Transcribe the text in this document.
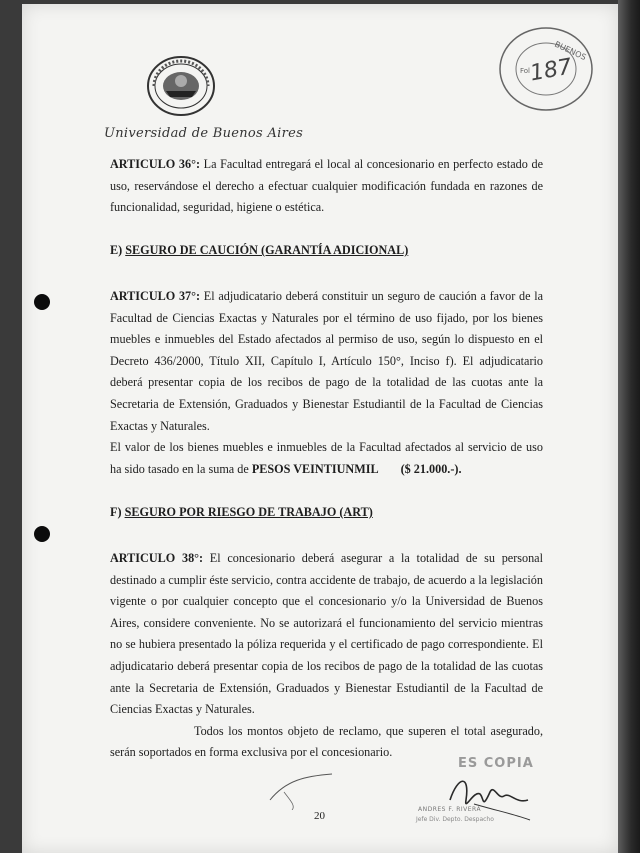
Universidad de Buenos Aires
BUENOS
Fol
187
ARTICULO 36°: La Facultad entregará el local al concesionario en perfecto estado de uso, reservándose el derecho a efectuar cualquier modificación fundada en razones de funcionalidad, seguridad, higiene o estética.
E) SEGURO DE CAUCIÓN (GARANTÍA ADICIONAL)
ARTICULO 37°: El adjudicatario deberá constituir un seguro de caución a favor de la Facultad de Ciencias Exactas y Naturales por el término de uso fijado, por los bienes muebles e inmuebles del Estado afectados al permiso de uso, según lo dispuesto en el Decreto 436/2000, Título XII, Capítulo I, Artículo 150°, Inciso f). El adjudicatario deberá presentar copia de los recibos de pago de la totalidad de las cuotas ante la Secretaria de Extensión, Graduados y Bienestar Estudiantil de la Facultad de Ciencias Exactas y Naturales.
El valor de los bienes muebles e inmuebles de la Facultad afectados al servicio de uso ha sido tasado en la suma de PESOS VEINTIUNMIL ($ 21.000.-).
F) SEGURO POR RIESGO DE TRABAJO (ART)
ARTICULO 38°: El concesionario deberá asegurar a la totalidad de su personal destinado a cumplir éste servicio, contra accidente de trabajo, de acuerdo a la legislación vigente o por cualquier concepto que el concesionario y/o la Universidad de Buenos Aires, considere conveniente. No se autorizará el funcionamiento del servicio mientras no se hubiera presentado la póliza requerida y el certificado de pago correspondiente. El adjudicatario deberá presentar copia de los recibos de pago de la totalidad de las cuotas ante la Secretaria de Extensión, Graduados y Bienestar Estudiantil de la Facultad de Ciencias Exactas y Naturales.
Todos los montos objeto de reclamo, que superen el total asegurado, serán soportados en forma exclusiva por el concesionario.
ES COPIA
ANDRES F. RIVERA
Jefe Div. Depto. Despacho
20
